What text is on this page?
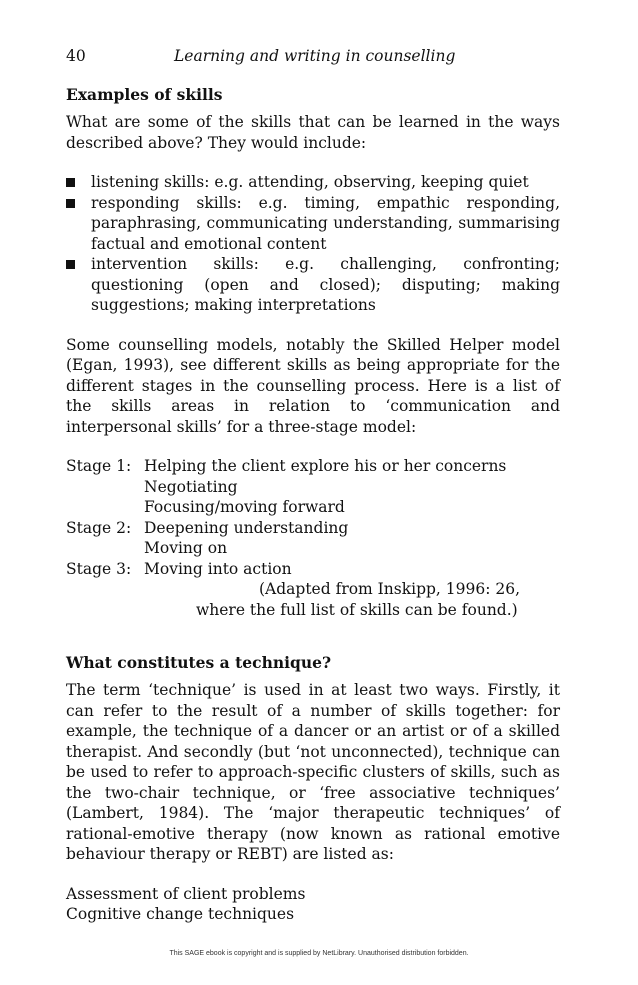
40	Learning and writing in counselling
Examples of skills

What are some of the skills that can be learned in the ways described above? They would include:

listening skills: e.g. attending, observing, keeping quiet
responding skills: e.g. timing, empathic responding, paraphrasing, communicating understanding, summarising factual and emotional content
intervention skills: e.g. challenging, confronting; questioning (open and closed); disputing; making suggestions; making interpretations

Some counselling models, notably the Skilled Helper model (Egan, 1993), see different skills as being appropriate for the different stages in the counselling process. Here is a list of the skills areas in relation to ‘communication and interpersonal skills’ for a three-stage model:

Stage 1: Helping the client explore his or her concerns
Negotiating
Focusing/moving forward
Stage 2: Deepening understanding
Moving on
Stage 3: Moving into action
(Adapted from Inskipp, 1996: 26,
where the full list of skills can be found.)
What constitutes a technique?

The term ‘technique’ is used in at least two ways. Firstly, it can refer to the result of a number of skills together: for example, the technique of a dancer or an artist or of a skilled therapist. And secondly (but ‘not unconnected), technique can be used to refer to approach-specific clusters of skills, such as the two-chair technique, or ‘free associative techniques’ (Lambert, 1984). The ‘major therapeutic techniques’ of rational-emotive therapy (now known as rational emotive behaviour therapy or REBT) are listed as:

Assessment of client problems
Cognitive change techniques
This SAGE ebook is copyright and is supplied by NetLibrary. Unauthorised distribution forbidden.
